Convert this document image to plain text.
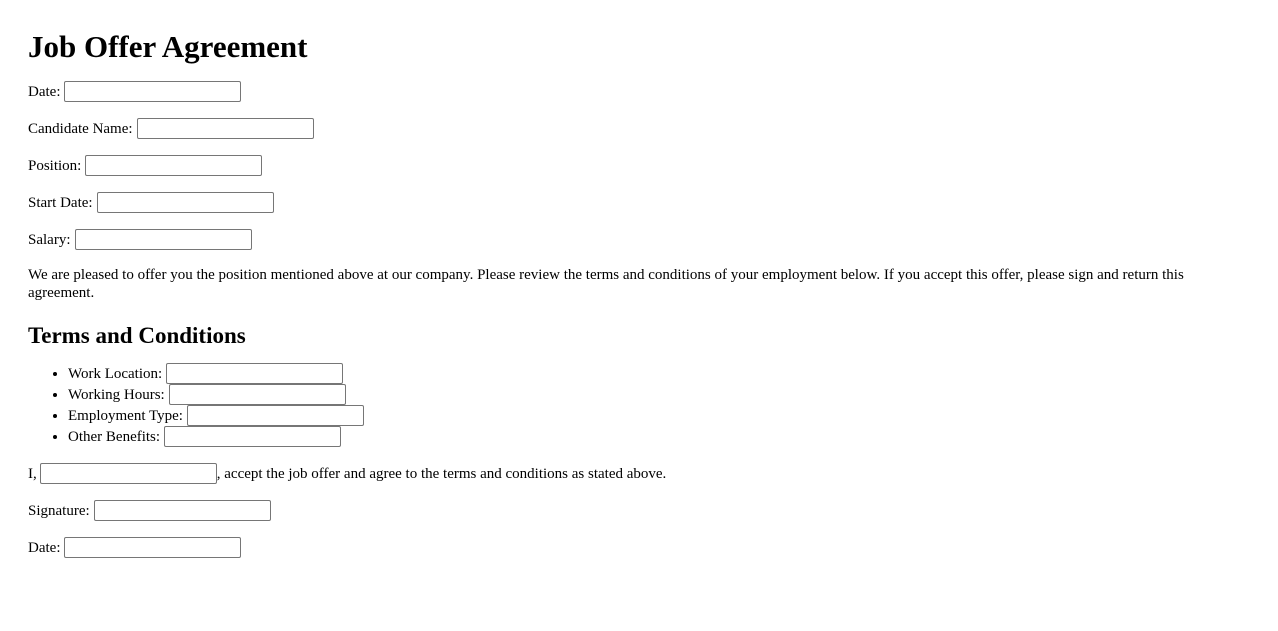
Job Offer Agreement
Date:
Candidate Name:
Position:
Start Date:
Salary:

We are pleased to offer you the position mentioned above at our company. Please review the terms and conditions of your employment below. If you accept this offer, please sign and return this agreement.

Terms and Conditions
• Work Location:
• Working Hours:
• Employment Type:
• Other Benefits:
I,	, accept the job offer and agree to the terms and conditions as stated above.
Signature:
Date:
